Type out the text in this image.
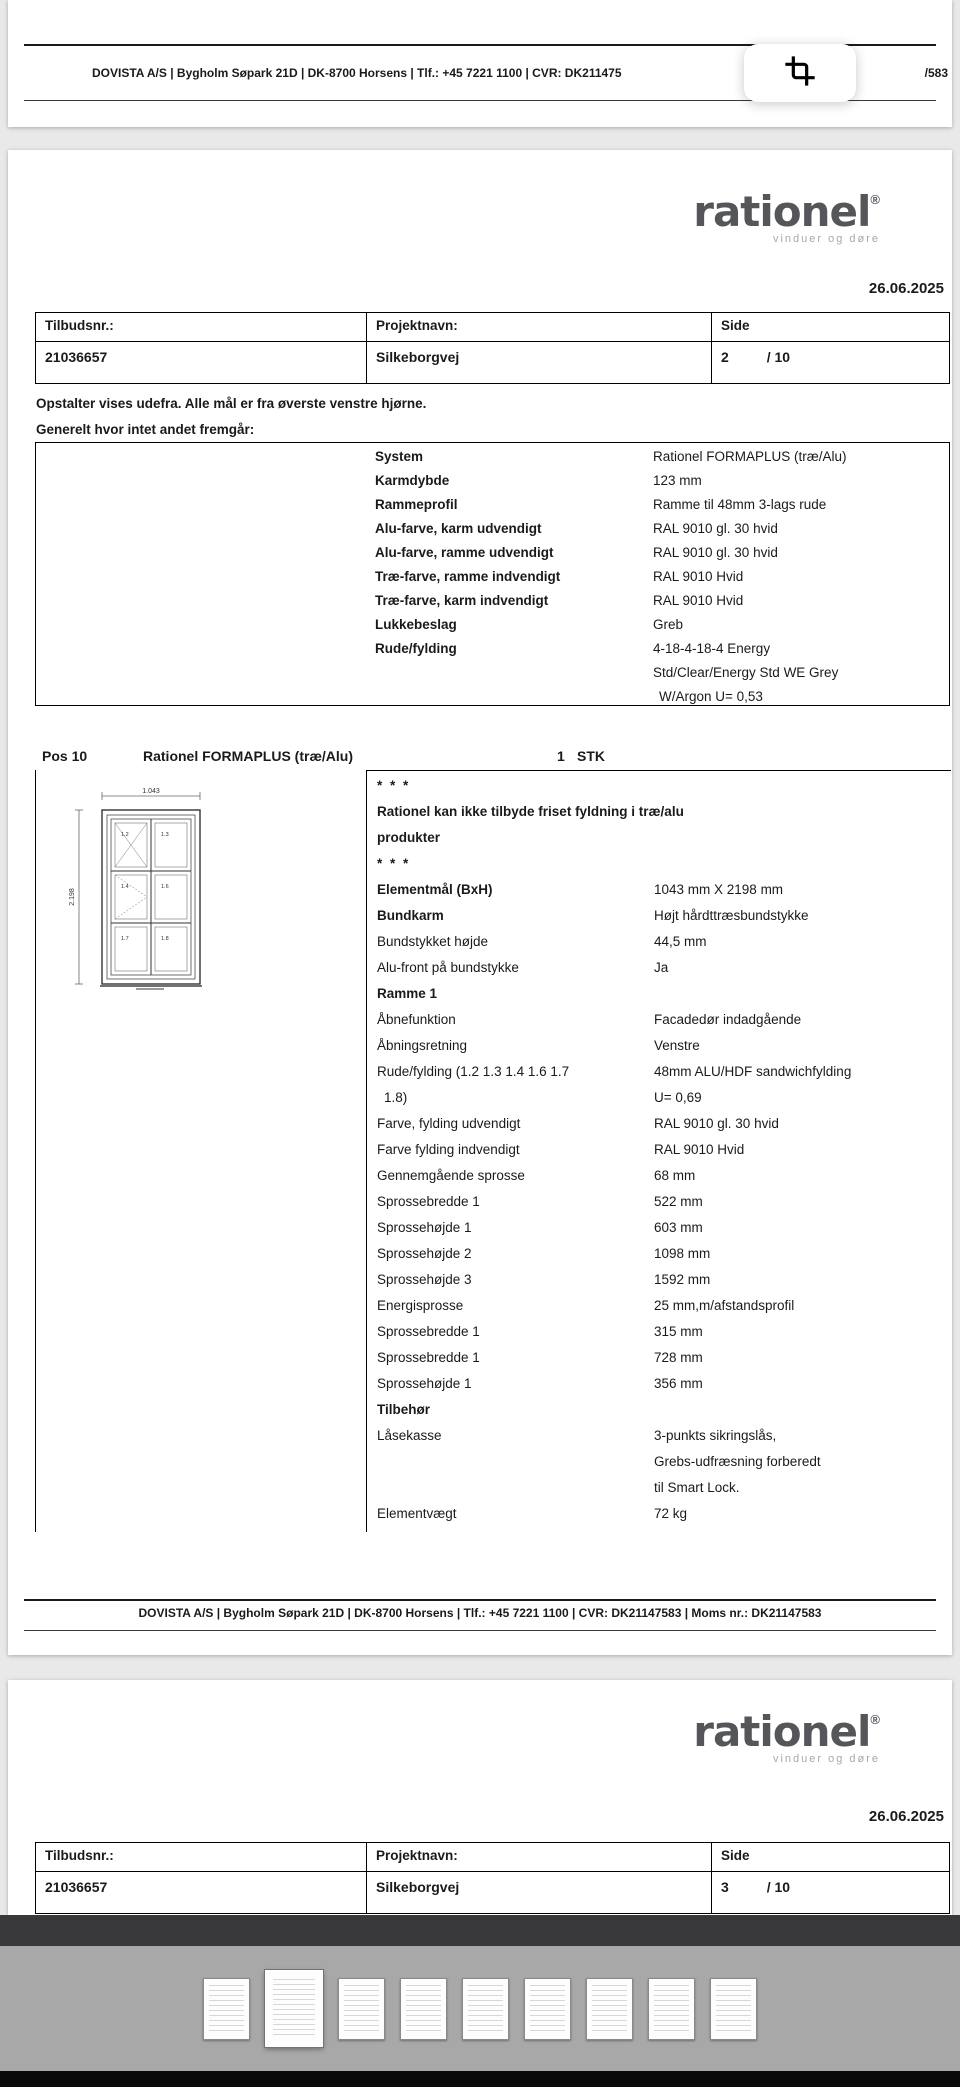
DOVISTA A/S | Bygholm Søpark 21D | DK-8700 Horsens | Tlf.: +45 7221 1100 | CVR: DK211475	/583
rationel®
vinduer og døre
26.06.2025
Tilbudsnr.:	Projektnavn:	Side
21036657	Silkeborgvej	2	/ 10
Opstalter vises udefra. Alle mål er fra øverste venstre hjørne.
Generelt hvor intet andet fremgår:
System	Rationel FORMAPLUS (træ/Alu)
Karmdybde	123 mm
Rammeprofil	Ramme til 48mm 3-lags rude
Alu-farve, karm udvendigt	RAL 9010 gl. 30 hvid
Alu-farve, ramme udvendigt	RAL 9010 gl. 30 hvid
Træ-farve, ramme indvendigt	RAL 9010 Hvid
Træ-farve, karm indvendigt	RAL 9010 Hvid
Lukkebeslag	Greb
Rude/fylding	4-18-4-18-4 Energy
Std/Clear/Energy Std WE Grey
W/Argon U= 0,53
Pos 10	Rationel FORMAPLUS (træ/Alu)	1 STK
1.043
2.198
1.2	1.3
1.4	1.6
1.7	1.8
* * *
Rationel kan ikke tilbyde friset fyldning i træ/alu
produkter
* * *
Elementmål (BxH)	1043 mm X 2198 mm
Bundkarm	Højt hårdttræsbundstykke
Bundstykket højde	44,5 mm
Alu-front på bundstykke	Ja
Ramme 1
Åbnefunktion	Facadedør indadgående
Åbningsretning	Venstre
Rude/fylding (1.2 1.3 1.4 1.6 1.7	48mm ALU/HDF sandwichfylding
1.8)	U= 0,69
Farve, fylding udvendigt	RAL 9010 gl. 30 hvid
Farve fylding indvendigt	RAL 9010 Hvid
Gennemgående sprosse	68 mm
Sprossebredde 1	522 mm
Sprossehøjde 1	603 mm
Sprossehøjde 2	1098 mm
Sprossehøjde 3	1592 mm
Energisprosse	25 mm,m/afstandsprofil
Sprossebredde 1	315 mm
Sprossebredde 1	728 mm
Sprossehøjde 1	356 mm
Tilbehør
Låsekasse	3-punkts sikringslås,
Grebs-udfræsning forberedt
til Smart Lock.
Elementvægt	72 kg
DOVISTA A/S | Bygholm Søpark 21D | DK-8700 Horsens | Tlf.: +45 7221 1100 | CVR: DK21147583 | Moms nr.: DK21147583
rationel®
vinduer og døre
26.06.2025
Tilbudsnr.:	Projektnavn:	Side
21036657	Silkeborgvej	3	/ 10
